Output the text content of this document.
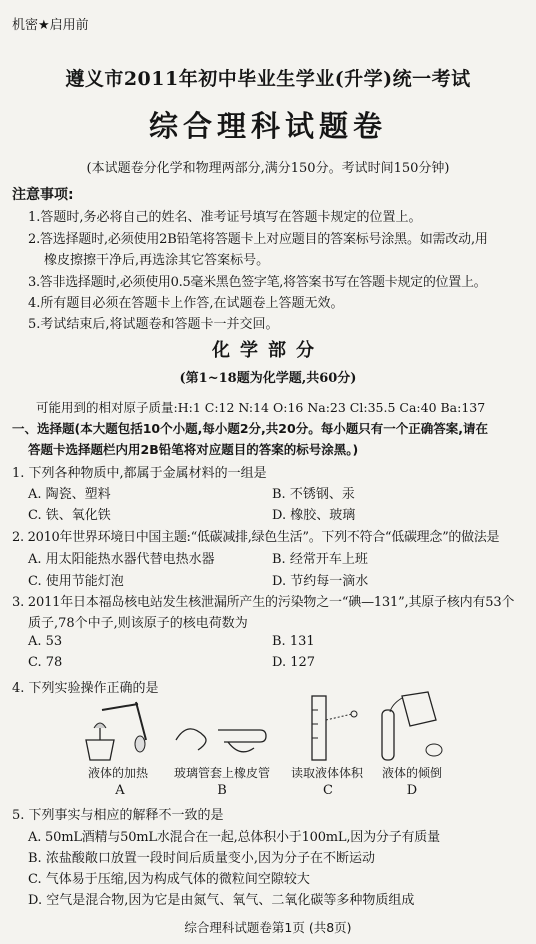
机密★启用前
遵义市2011年初中毕业生学业(升学)统一考试
综合理科试题卷
(本试题卷分化学和物理两部分,满分150分。考试时间150分钟)
注意事项:
1.答题时,务必将自己的姓名、准考证号填写在答题卡规定的位置上。
2.答选择题时,必须使用2B铅笔将答题卡上对应题目的答案标号涂黑。如需改动,用
橡皮擦擦干净后,再选涂其它答案标号。
3.答非选择题时,必须使用0.5毫米黑色签字笔,将答案书写在答题卡规定的位置上。
4.所有题目必须在答题卡上作答,在试题卷上答题无效。
5.考试结束后,将试题卷和答题卡一并交回。
化学部分
(第1~18题为化学题,共60分)
可能用到的相对原子质量:H:1 C:12 N:14 O:16 Na:23 Cl:35.5 Ca:40 Ba:137
一、选择题(本大题包括10个小题,每小题2分,共20分。每小题只有一个正确答案,请在
答题卡选择题栏内用2B铅笔将对应题目的答案的标号涂黑。)
1. 下列各种物质中,都属于金属材料的一组是
A. 陶瓷、塑料	B. 不锈钢、汞
C. 铁、氧化铁	D. 橡胶、玻璃
2. 2010年世界环境日中国主题:“低碳减排,绿色生活”。下列不符合“低碳理念”的做法是
A. 用太阳能热水器代替电热水器	B. 经常开车上班
C. 使用节能灯泡	D. 节约每一滴水
3. 2011年日本福岛核电站发生核泄漏所产生的污染物之一“碘—131”,其原子核内有53个
质子,78个中子,则该原子的核电荷数为
A. 53	B. 131
C. 78	D. 127
4. 下列实验操作正确的是
液体的加热	玻璃管套上橡皮管	读取液体体积	液体的倾倒
A	B	C	D
5. 下列事实与相应的解释不一致的是
A. 50mL酒精与50mL水混合在一起,总体积小于100mL,因为分子有质量
B. 浓盐酸敞口放置一段时间后质量变小,因为分子在不断运动
C. 气体易于压缩,因为构成气体的微粒间空隙较大
D. 空气是混合物,因为它是由氮气、氧气、二氧化碳等多种物质组成
综合理科试题卷第1页 (共8页)
